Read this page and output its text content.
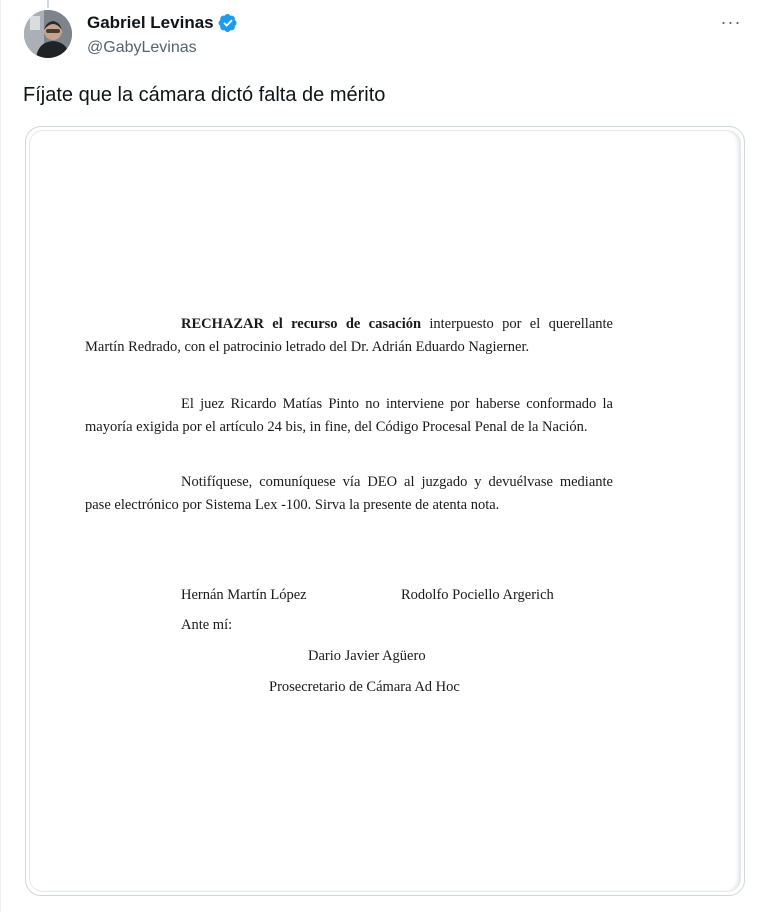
Gabriel Levinas
@GabyLevinas
···
Fíjate que la cámara dictó falta de mérito

RECHAZAR el recurso de casación interpuesto por el querellante Martín Redrado, con el patrocinio letrado del Dr. Adrián Eduardo Nagierner.

El juez Ricardo Matías Pinto no interviene por haberse conformado la mayoría exigida por el artículo 24 bis, in fine, del Código Procesal Penal de la Nación.

Notifíquese, comuníquese vía DEO al juzgado y devuélvase mediante pase electrónico por Sistema Lex -100. Sirva la presente de atenta nota.

Hernán Martín López	Rodolfo Pociello Argerich
Ante mí:
Dario Javier Agüero
Prosecretario de Cámara Ad Hoc
